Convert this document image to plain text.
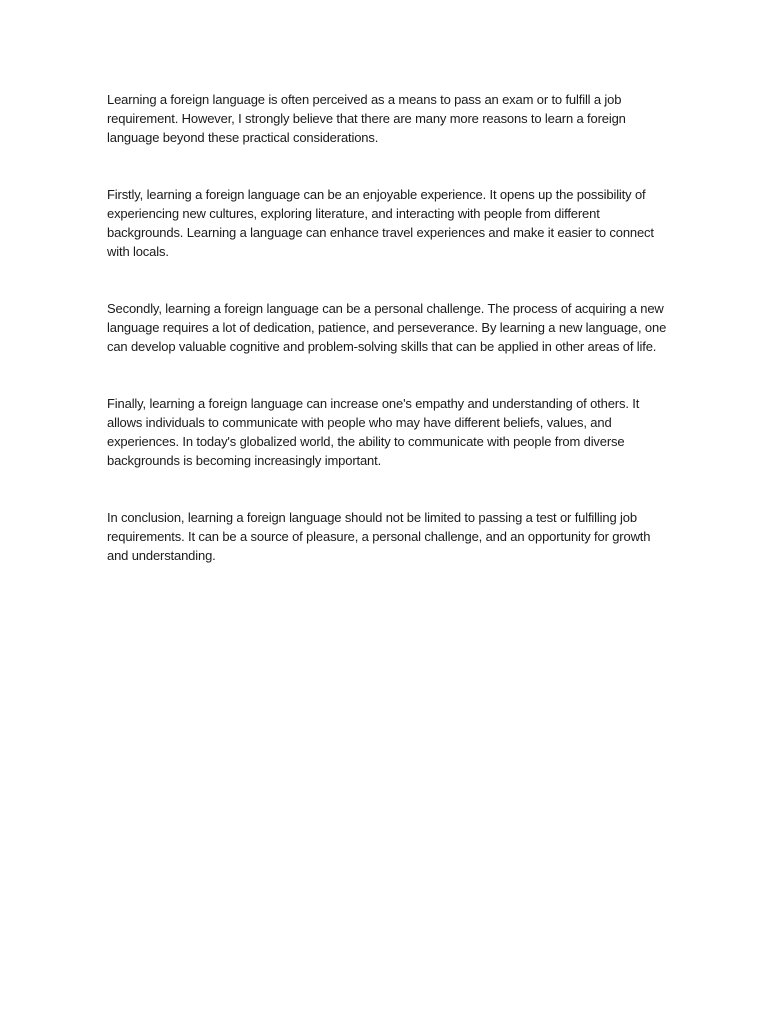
Learning a foreign language is often perceived as a means to pass an exam or to fulfill a job requirement. However, I strongly believe that there are many more reasons to learn a foreign language beyond these practical considerations.

Firstly, learning a foreign language can be an enjoyable experience. It opens up the possibility of experiencing new cultures, exploring literature, and interacting with people from different backgrounds. Learning a language can enhance travel experiences and make it easier to connect with locals.

Secondly, learning a foreign language can be a personal challenge. The process of acquiring a new language requires a lot of dedication, patience, and perseverance. By learning a new language, one can develop valuable cognitive and problem-solving skills that can be applied in other areas of life.

Finally, learning a foreign language can increase one's empathy and understanding of others. It allows individuals to communicate with people who may have different beliefs, values, and experiences. In today's globalized world, the ability to communicate with people from diverse backgrounds is becoming increasingly important.

In conclusion, learning a foreign language should not be limited to passing a test or fulfilling job requirements. It can be a source of pleasure, a personal challenge, and an opportunity for growth and understanding.
